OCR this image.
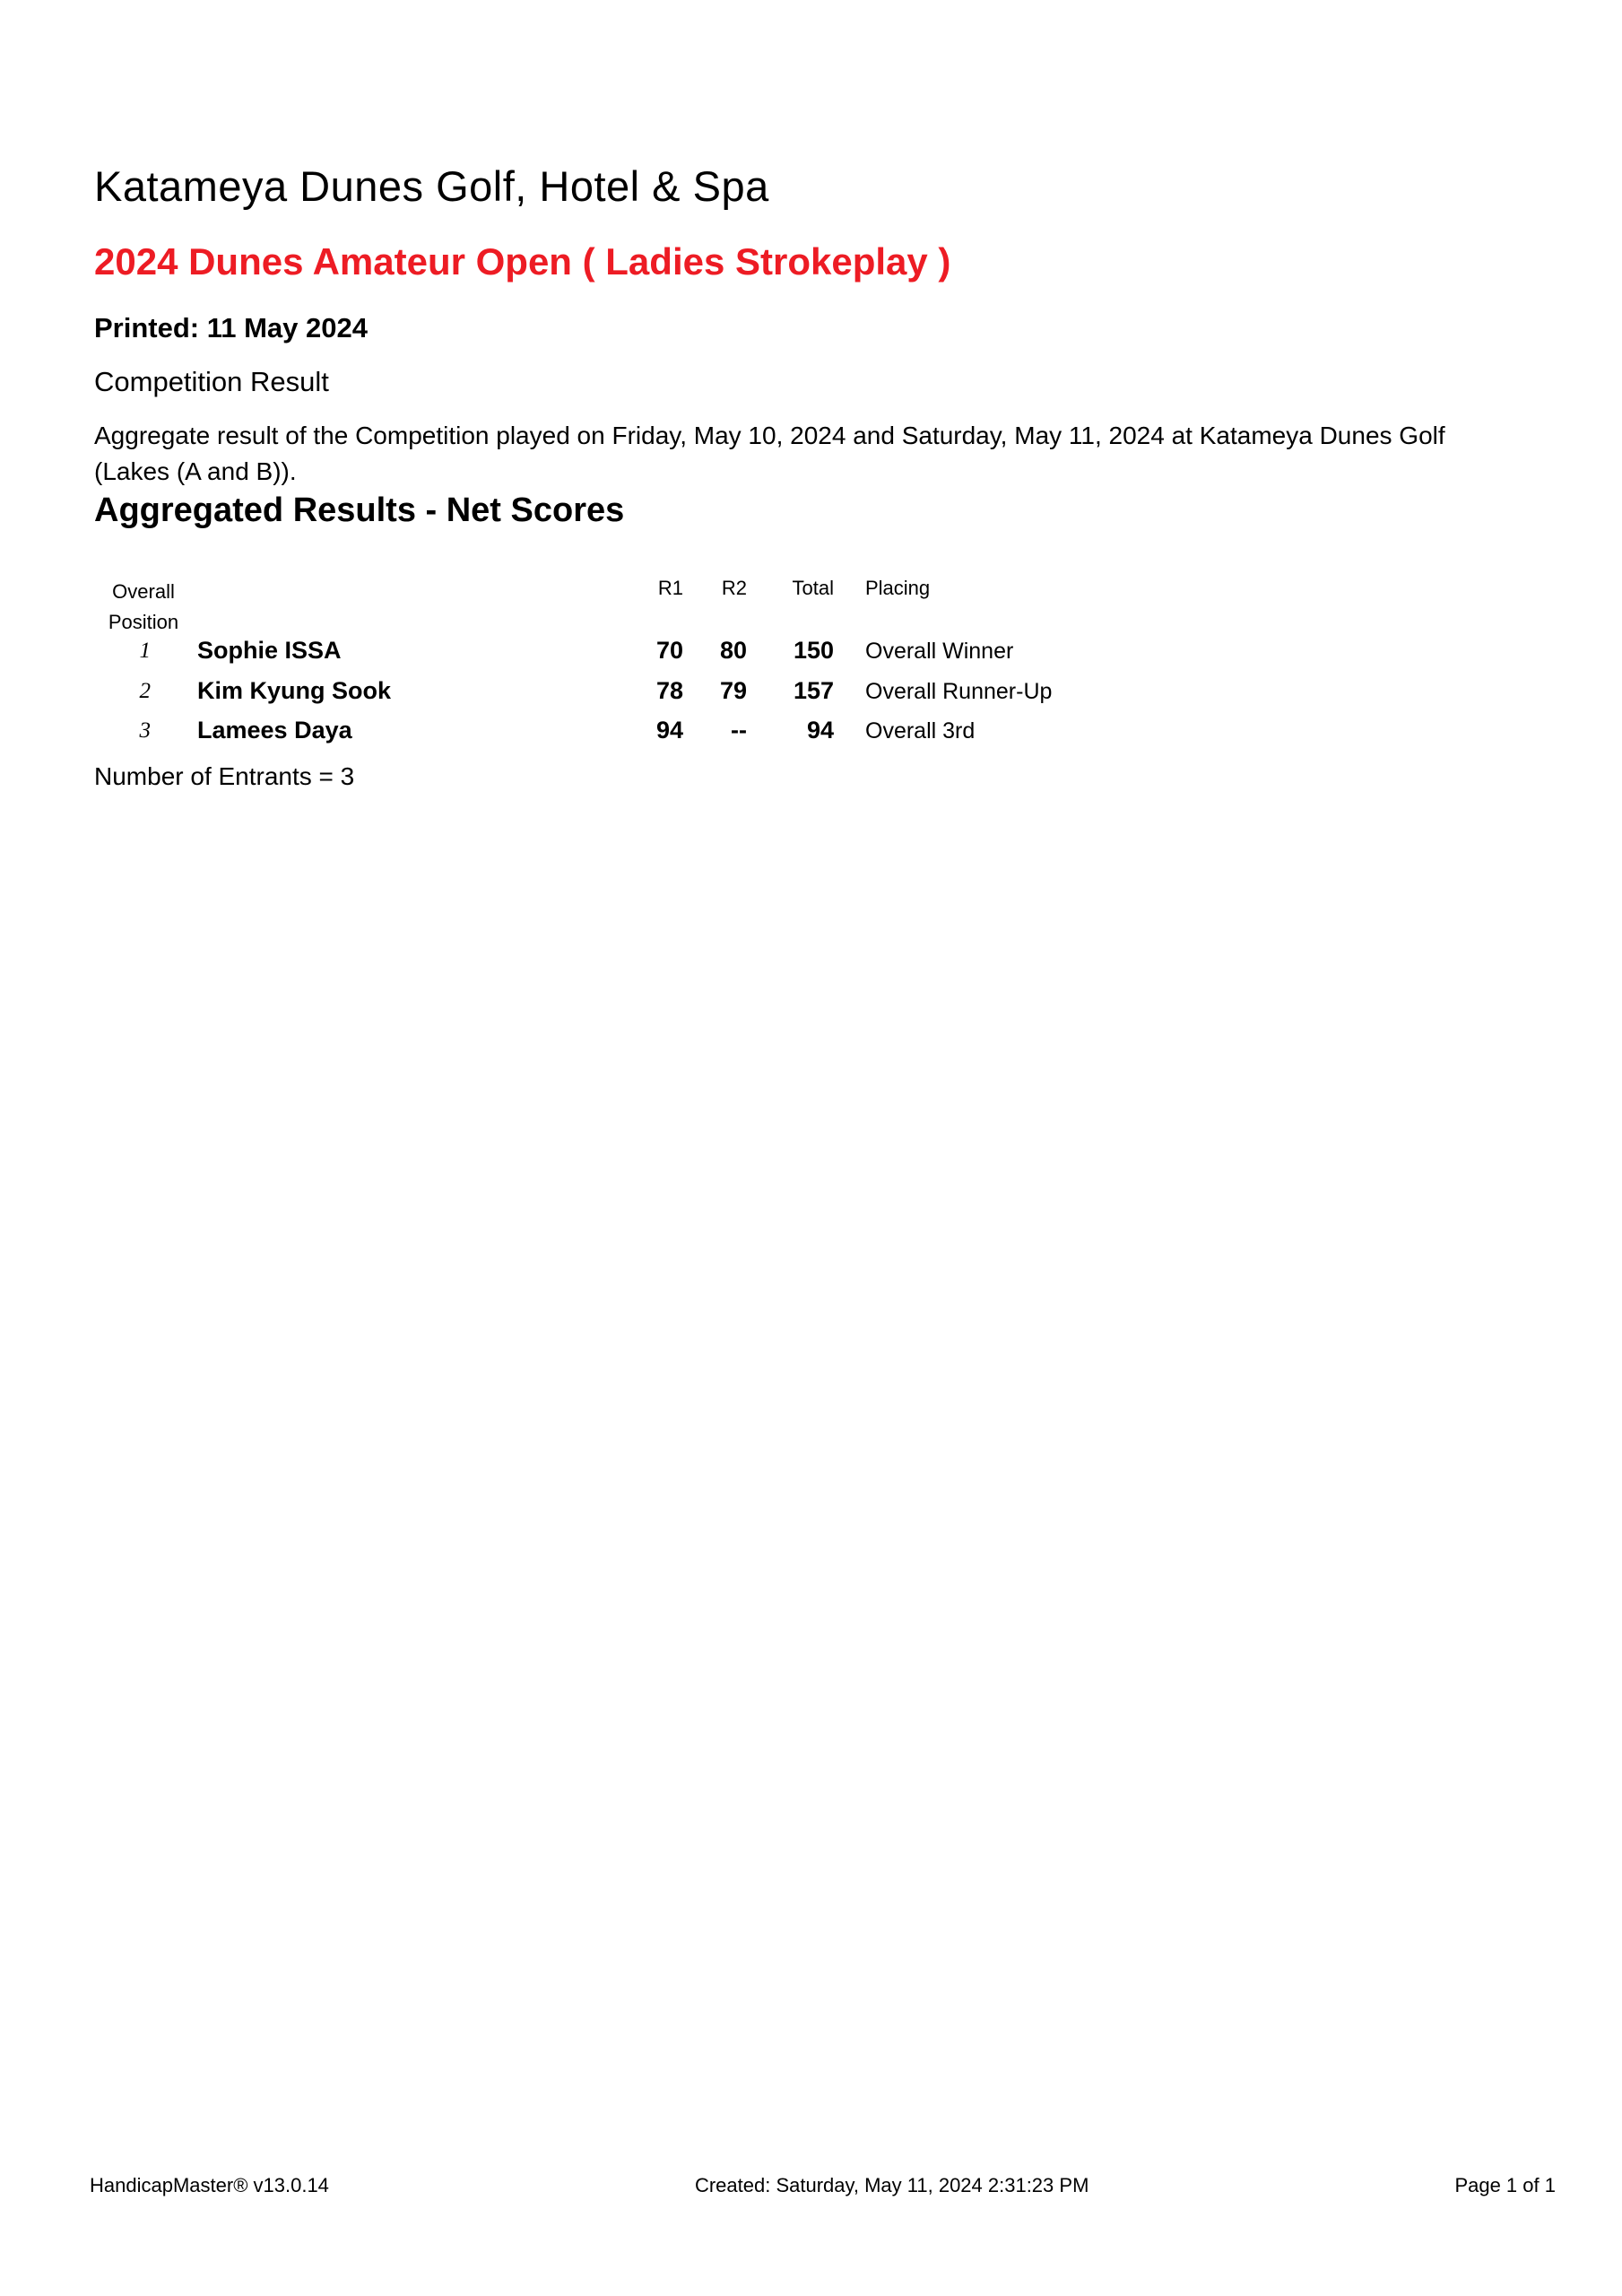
Katameya Dunes Golf, Hotel & Spa
2024 Dunes Amateur Open ( Ladies Strokeplay )
Printed: 11 May 2024
Competition Result
Aggregate result of the Competition played on Friday, May 10, 2024 and Saturday, May 11, 2024 at Katameya Dunes Golf (Lakes (A and B)).
Aggregated Results - Net Scores
Overall
Position
R1	R2	Total Placing
1 Sophie ISSA	70	80	150 Overall Winner
2 Kim Kyung Sook	78	79	157 Overall Runner-Up
3 Lamees Daya	94	--	94 Overall 3rd
Number of Entrants = 3
HandicapMaster® v13.0.14	Created: Saturday, May 11, 2024 2:31:23 PM	Page 1 of 1
